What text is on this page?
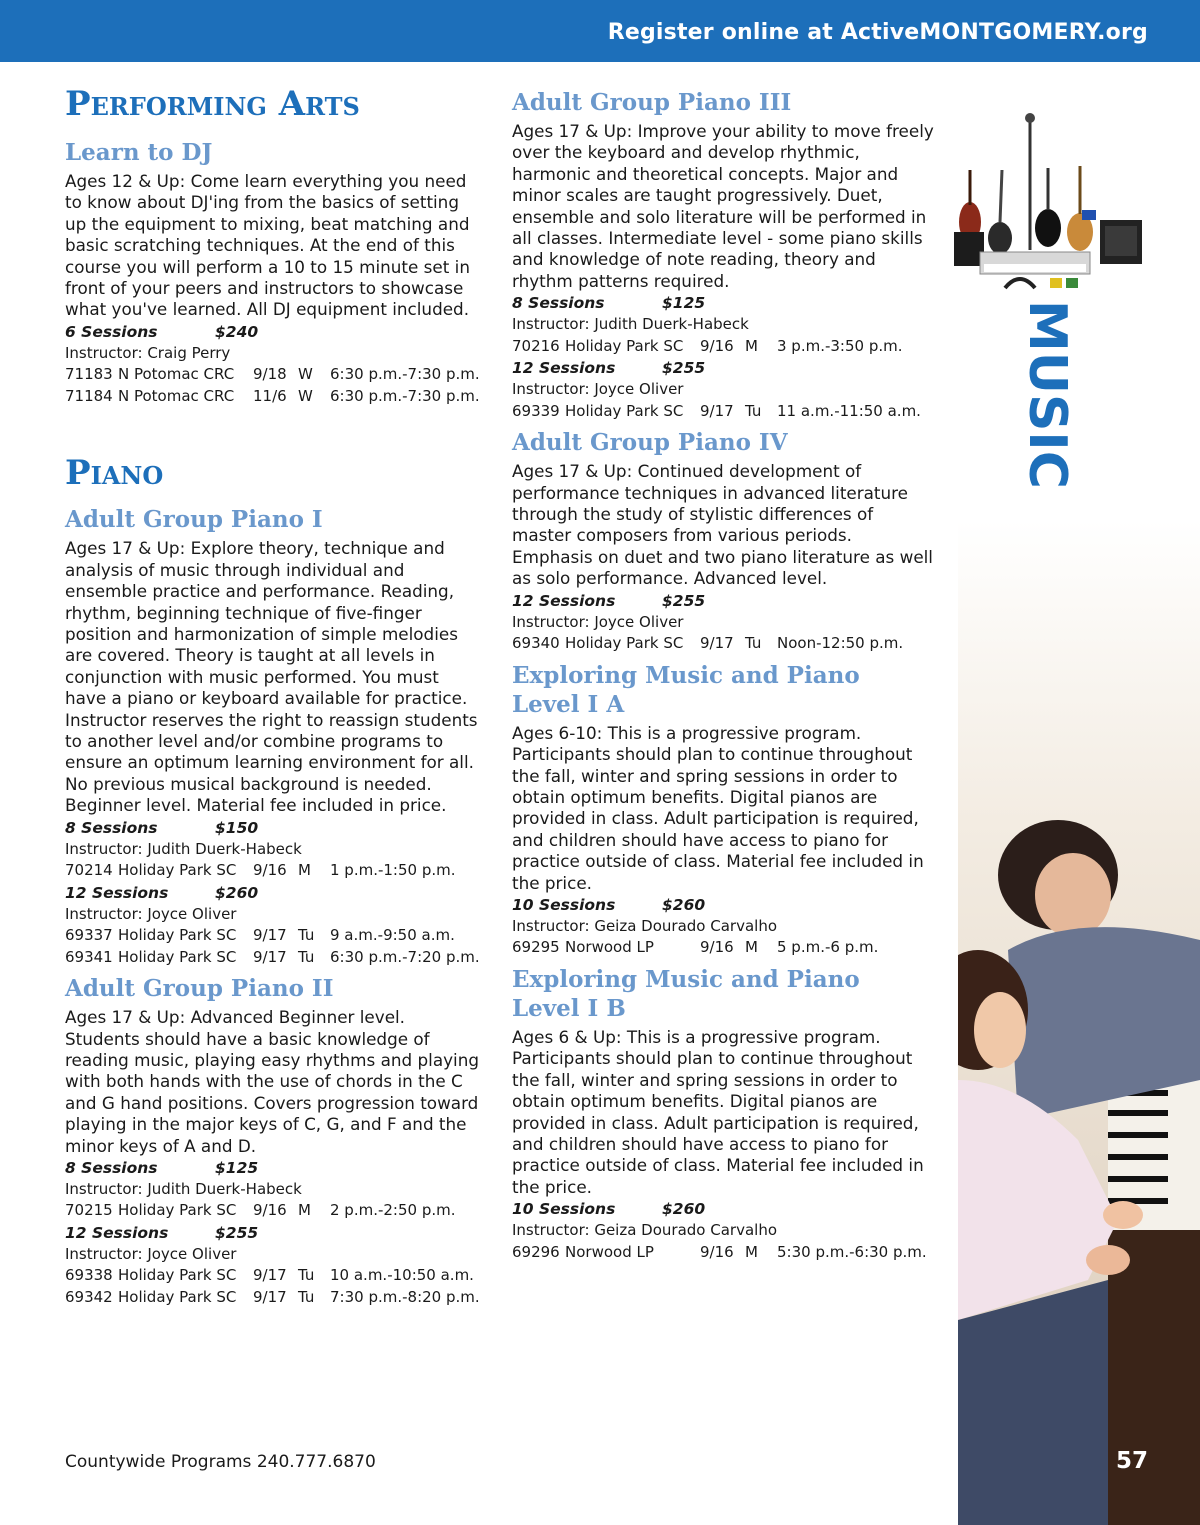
Register online at ActiveMONTGOMERY.org
Performing Arts
Learn to DJ

Ages 12 & Up: Come learn everything you need to know about DJ'ing from the basics of setting up the equipment to mixing, beat matching and basic scratching techniques. At the end of this course you will perform a 10 to 15 minute set in front of your peers and instructors to showcase what you've learned. All DJ equipment included.

6 Sessions	$240
Instructor: Craig Perry
71183 N Potomac CRC 9/18 W 6:30 p.m.-7:30 p.m.
71184 N Potomac CRC 11/6 W 6:30 p.m.-7:30 p.m.
Piano
Adult Group Piano I

Ages 17 & Up: Explore theory, technique and analysis of music through individual and ensemble practice and performance. Reading, rhythm, beginning technique of five-finger position and harmonization of simple melodies are covered. Theory is taught at all levels in conjunction with music performed. You must have a piano or keyboard available for practice. Instructor reserves the right to reassign students to another level and/or combine programs to ensure an optimum learning environment for all. No previous musical background is needed. Beginner level. Material fee included in price.

8 Sessions	$150
Instructor: Judith Duerk-Habeck
70214 Holiday Park SC 9/16 M 1 p.m.-1:50 p.m.
12 Sessions	$260
Instructor: Joyce Oliver
69337 Holiday Park SC 9/17 Tu 9 a.m.-9:50 a.m.
69341 Holiday Park SC 9/17 Tu 6:30 p.m.-7:20 p.m.
Adult Group Piano II

Ages 17 & Up: Advanced Beginner level. Students should have a basic knowledge of reading music, playing easy rhythms and playing with both hands with the use of chords in the C and G hand positions. Covers progression toward playing in the major keys of C, G, and F and the minor keys of A and D.

8 Sessions	$125
Instructor: Judith Duerk-Habeck
70215 Holiday Park SC 9/16 M 2 p.m.-2:50 p.m.
12 Sessions	$255
Instructor: Joyce Oliver
69338 Holiday Park SC 9/17 Tu 10 a.m.-10:50 a.m.
69342 Holiday Park SC 9/17 Tu 7:30 p.m.-8:20 p.m.
Adult Group Piano III

Ages 17 & Up: Improve your ability to move freely over the keyboard and develop rhythmic, harmonic and theoretical concepts. Major and minor scales are taught progressively. Duet, ensemble and solo literature will be performed in all classes. Intermediate level - some piano skills and knowledge of note reading, theory and rhythm patterns required.

8 Sessions	$125
Instructor: Judith Duerk-Habeck
70216 Holiday Park SC 9/16 M 3 p.m.-3:50 p.m.
12 Sessions	$255
Instructor: Joyce Oliver
69339 Holiday Park SC 9/17 Tu 11 a.m.-11:50 a.m.
Adult Group Piano IV

Ages 17 & Up: Continued development of performance techniques in advanced literature through the study of stylistic differences of master composers from various periods. Emphasis on duet and two piano literature as well as solo performance. Advanced level.

12 Sessions	$255
Instructor: Joyce Oliver
69340 Holiday Park SC 9/17 Tu Noon-12:50 p.m.
Exploring Music and Piano
Level I A

Ages 6-10: This is a progressive program. Participants should plan to continue throughout the fall, winter and spring sessions in order to obtain optimum benefits. Digital pianos are provided in class. Adult participation is required, and children should have access to piano for practice outside of class. Material fee included in the price.

10 Sessions	$260
Instructor: Geiza Dourado Carvalho
69295 Norwood LP	9/16 M 5 p.m.-6 p.m.
Exploring Music and Piano
Level I B

Ages 6 & Up: This is a progressive program. Participants should plan to continue throughout the fall, winter and spring sessions in order to obtain optimum benefits. Digital pianos are provided in class. Adult participation is required, and children should have access to piano for practice outside of class. Material fee included in the price.

10 Sessions	$260
Instructor: Geiza Dourado Carvalho
69296 Norwood LP	9/16 M 5:30 p.m.-6:30 p.m.
MUSIC
Countywide Programs 240.777.6870	57
